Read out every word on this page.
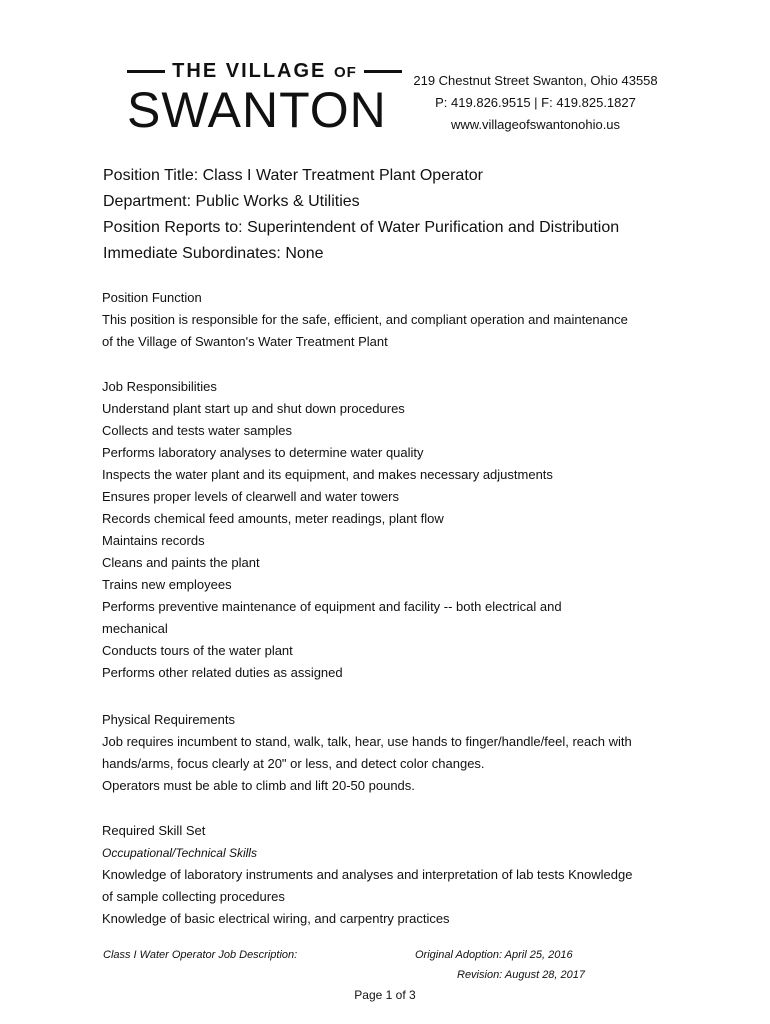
THE VILLAGE OF
SWANTON
219 Chestnut Street Swanton, Ohio 43558
P: 419.826.9515 | F: 419.825.1827
www.villageofswantonohio.us
Position Title: Class I Water Treatment Plant Operator
Department: Public Works & Utilities
Position Reports to: Superintendent of Water Purification and Distribution
Immediate Subordinates: None
Position Function
This position is responsible for the safe, efficient, and compliant operation and maintenance
of the Village of Swanton's Water Treatment Plant
Job Responsibilities
Understand plant start up and shut down procedures
Collects and tests water samples
Performs laboratory analyses to determine water quality
Inspects the water plant and its equipment, and makes necessary adjustments
Ensures proper levels of clearwell and water towers
Records chemical feed amounts, meter readings, plant flow
Maintains records
Cleans and paints the plant
Trains new employees
Performs preventive maintenance of equipment and facility -- both electrical and
mechanical
Conducts tours of the water plant
Performs other related duties as assigned
Physical Requirements
Job requires incumbent to stand, walk, talk, hear, use hands to finger/handle/feel, reach with
hands/arms, focus clearly at 20" or less, and detect color changes.
Operators must be able to climb and lift 20-50 pounds.
Required Skill Set
Occupational/Technical Skills
Knowledge of laboratory instruments and analyses and interpretation of lab tests Knowledge
of sample collecting procedures
Knowledge of basic electrical wiring, and carpentry practices
Class I Water Operator Job Description:	Original Adoption: April 25, 2016
Revision: August 28, 2017
Page 1 of 3
